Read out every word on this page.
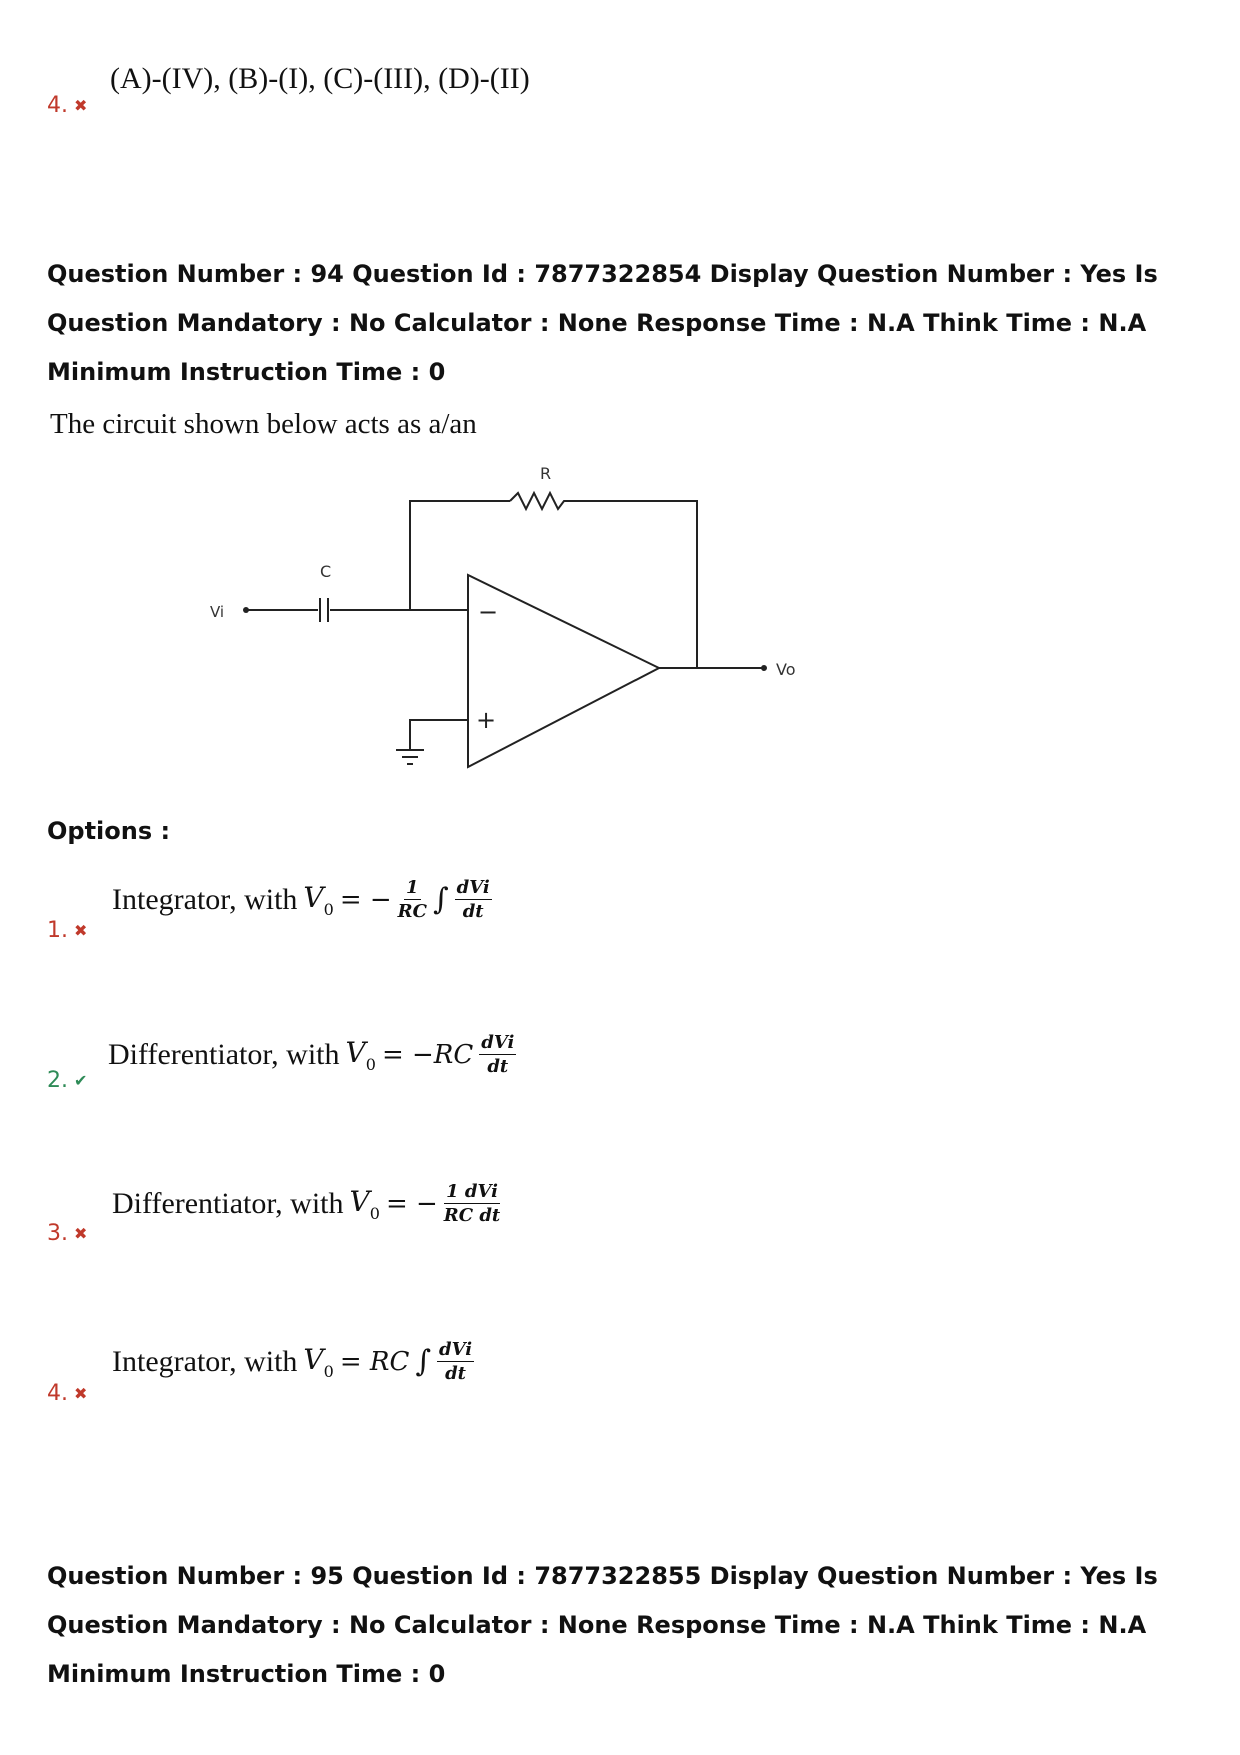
(A)-(IV), (B)-(I), (C)-(III), (D)-(II)
4. ✖
Question Number : 94 Question Id : 7877322854 Display Question Number : Yes Is Question Mandatory : No Calculator : None Response Time : N.A Think Time : N.A Minimum Instruction Time : 0
The circuit shown below acts as a/an
R
C
Vi
Vo
−
+
Options :
Integrator, with $V_0$ = − $\frac{1}{RC}$ ∫ $\frac{\text{dVi}}{dt}$
1. ✖
Differentiator, with $V_0 = -RC \frac{\text{dVi}}{dt}$
2. ✔
Differentiator, with $V_0$ = − $\frac{\text{1 dVi}}{\text{RC dt}}$
3. ✖
Integrator, with $V_0$ = RC ∫ $\frac{\text{dVi}}{dt}$
4. ✖
Question Number : 95 Question Id : 7877322855 Display Question Number : Yes Is Question Mandatory : No Calculator : None Response Time : N.A Think Time : N.A Minimum Instruction Time : 0
